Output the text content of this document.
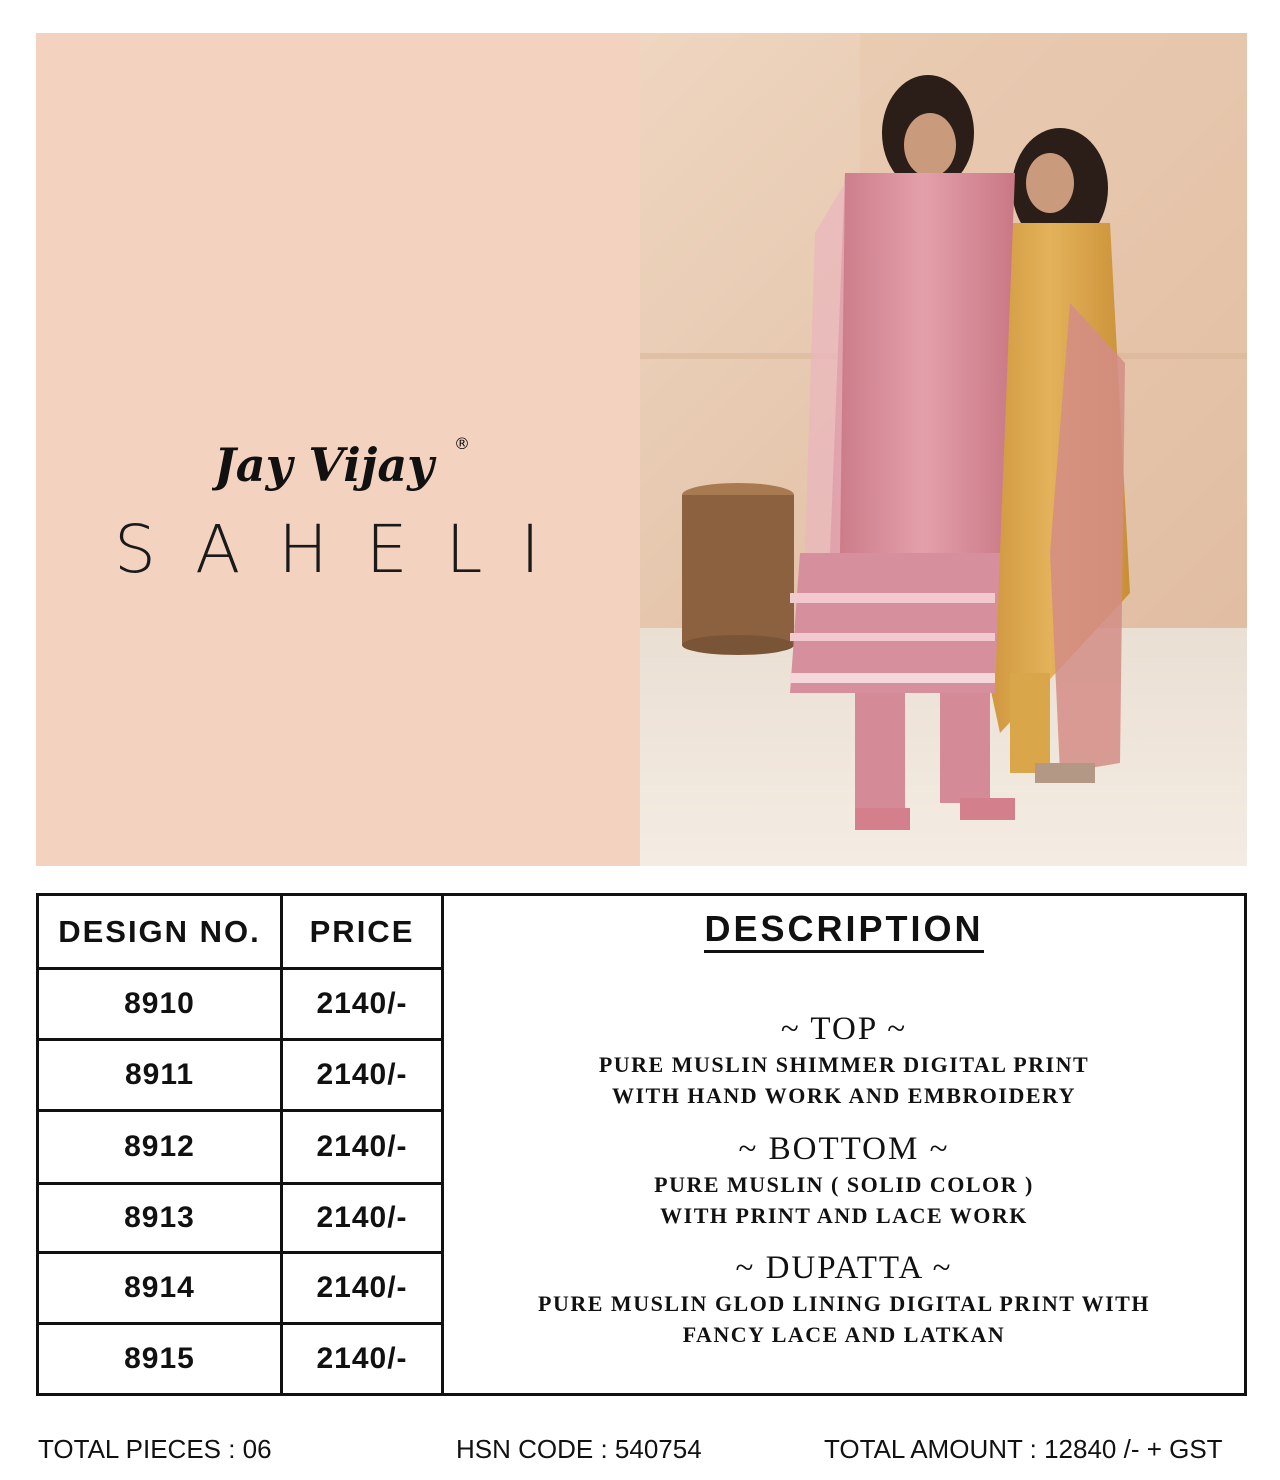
Jay Vijay ®
SAHELI
DESIGN NO.	PRICE
8910	2140/-
8911	2140/-
8912	2140/-
8913	2140/-
8914	2140/-
8915	2140/-
DESCRIPTION

~ TOP ~

PURE MUSLIN SHIMMER DIGITAL PRINT

WITH HAND WORK AND EMBROIDERY

~ BOTTOM ~

PURE MUSLIN ( SOLID COLOR )

WITH PRINT AND LACE WORK

~ DUPATTA ~

PURE MUSLIN GLOD LINING DIGITAL PRINT WITH

FANCY LACE AND LATKAN

TOTAL PIECES : 06	HSN CODE : 540754	TOTAL AMOUNT : 12840 /- + GST
